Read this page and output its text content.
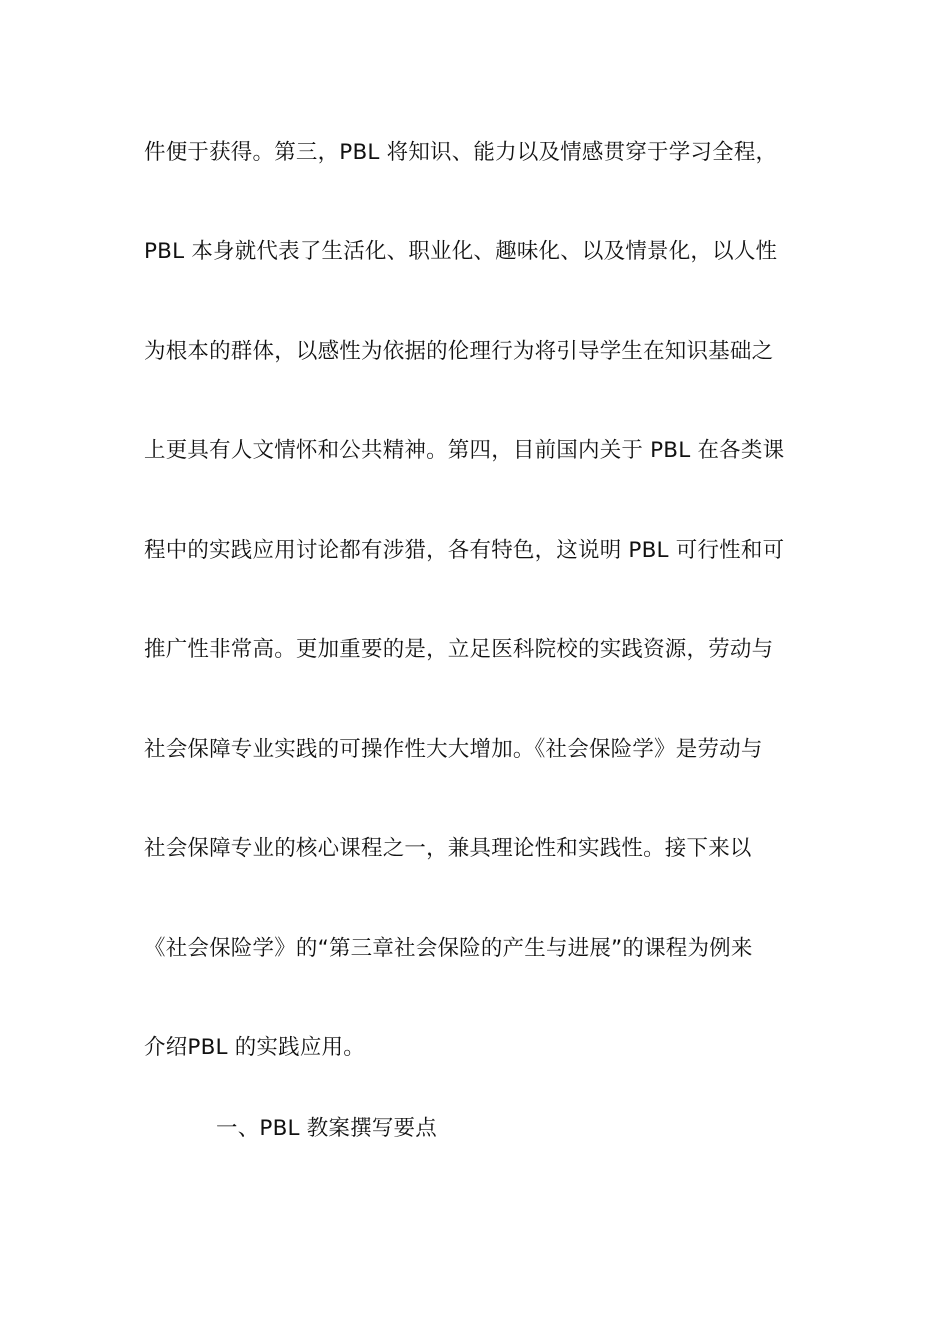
件便于获得。第三，PBL 将知识、能力以及情感贯穿于学习全程，
PBL 本身就代表了生活化、职业化、趣味化、以及情景化，以人性
为根本的群体，以感性为依据的伦理行为将引导学生在知识基础之
上更具有人文情怀和公共精神。第四，目前国内关于 PBL 在各类课
程中的实践应用讨论都有涉猎，各有特色，这说明 PBL 可行性和可
推广性非常高。更加重要的是，立足医科院校的实践资源，劳动与
社会保障专业实践的可操作性大大增加。《社会保险学》是劳动与
社会保障专业的核心课程之一，兼具理论性和实践性。接下来以
《社会保险学》的“第三章社会保险的产生与进展”的课程为例来
介绍PBL 的实践应用。
一、PBL 教案撰写要点
